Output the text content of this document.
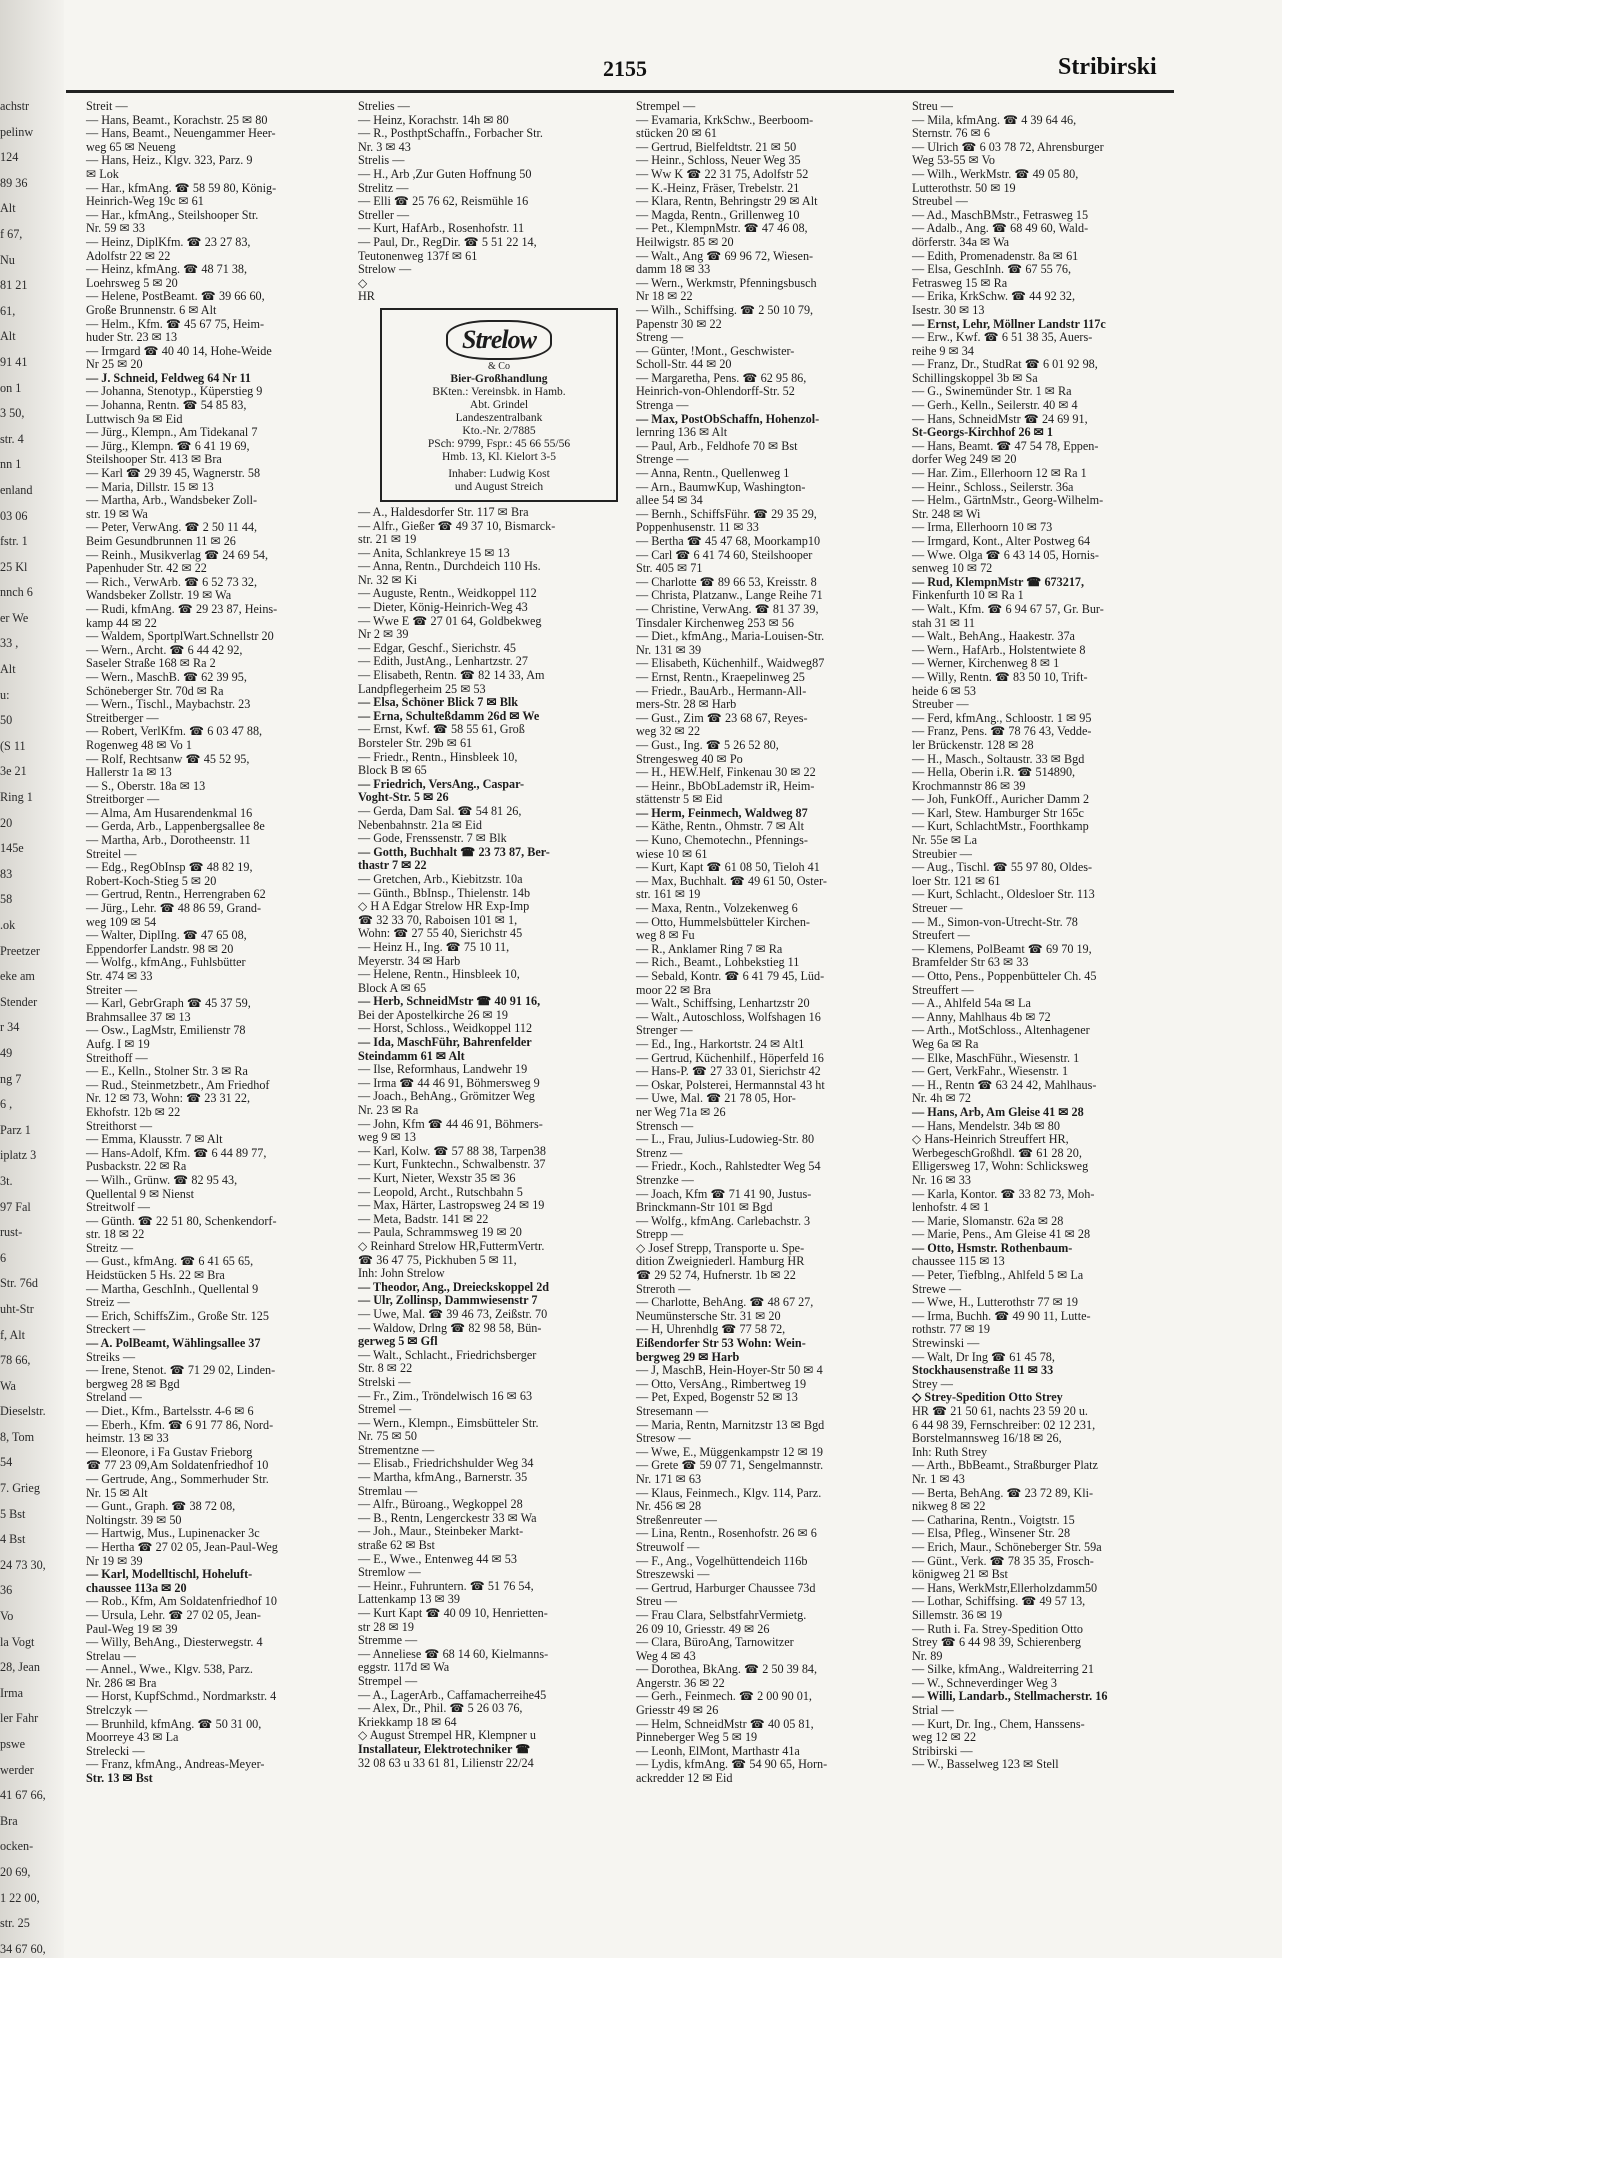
2155	Stribirski
achstr
pelinw
124
89 36
Alt
f 67,
Nu
81 21
61,
Alt
91 41
on 1
3 50,
str. 4
nn 1
enland
03 06
fstr. 1
25 Kl
nnch 6
er We
33 ,
Alt
u:
50
(S 11
3e 21
Ring 1
20
145e
83
58
.ok
Preetzer
eke am
Stender
r 34
49
ng 7
6 ,
Parz 1
iplatz 3
3t.
97 Fal
rust-
6
Str. 76d
uht-Str
f, Alt
78 66,
Wa
Dieselstr.
8, Tom
54
7. Grieg
5 Bst
4 Bst
24 73 30,
36
Vo
la Vogt
28, Jean
Irma
ler Fahr
pswe
werder
41 67 66,
Bra
ocken-
20 69,
1 22 00,
str. 25
34 67 60,
Streit —
— Hans, Beamt., Korachstr. 25 ✉ 80
— Hans, Beamt., Neuengammer Heer-
weg 65 ✉ Neueng
— Hans, Heiz., Klgv. 323, Parz. 9
✉ Lok
— Har., kfmAng. ☎ 58 59 80, König-
Heinrich-Weg 19c ✉ 61
— Har., kfmAng., Steilshooper Str.
Nr. 59 ✉ 33
— Heinz, DiplKfm. ☎ 23 27 83,
Adolfstr 22 ✉ 22
— Heinz, kfmAng. ☎ 48 71 38,
Loehrsweg 5 ✉ 20
— Helene, PostBeamt. ☎ 39 66 60,
Große Brunnenstr. 6 ✉ Alt
— Helm., Kfm. ☎ 45 67 75, Heim-
huder Str. 23 ✉ 13
— Irmgard ☎ 40 40 14, Hohe-Weide
Nr 25 ✉ 20
— J. Schneid, Feldweg 64 Nr 11
— Johanna, Stenotyp., Küperstieg 9
— Johanna, Rentn. ☎ 54 85 83,
Luttwisch 9a ✉ Eid
— Jürg., Klempn., Am Tidekanal 7
— Jürg., Klempn. ☎ 6 41 19 69,
Steilshooper Str. 413 ✉ Bra
— Karl ☎ 29 39 45, Wagnerstr. 58
— Maria, Dillstr. 15 ✉ 13
— Martha, Arb., Wandsbeker Zoll-
str. 19 ✉ Wa
— Peter, VerwAng. ☎ 2 50 11 44,
Beim Gesundbrunnen 11 ✉ 26
— Reinh., Musikverlag ☎ 24 69 54,
Papenhuder Str. 42 ✉ 22
— Rich., VerwArb. ☎ 6 52 73 32,
Wandsbeker Zollstr. 19 ✉ Wa
— Rudi, kfmAng. ☎ 29 23 87, Heins-
kamp 44 ✉ 22
— Waldem, SportplWart.Schnellstr 20
— Wern., Archt. ☎ 6 44 42 92,
Saseler Straße 168 ✉ Ra 2
— Wern., MaschB. ☎ 62 39 95,
Schöneberger Str. 70d ✉ Ra
— Wern., Tischl., Maybachstr. 23
Streitberger —
— Robert, VerlKfm. ☎ 6 03 47 88,
Rogenweg 48 ✉ Vo 1
— Rolf, Rechtsanw ☎ 45 52 95,
Hallerstr 1a ✉ 13
— S., Oberstr. 18a ✉ 13
Streitborger —
— Alma, Am Husarendenkmal 16
— Gerda, Arb., Lappenbergsallee 8e
— Martha, Arb., Dorotheenstr. 11
Streitel —
— Edg., RegObInsp ☎ 48 82 19,
Robert-Koch-Stieg 5 ✉ 20
— Gertrud, Rentn., Herrengraben 62
— Jürg., Lehr. ☎ 48 86 59, Grand-
weg 109 ✉ 54
— Walter, DiplIng. ☎ 47 65 08,
Eppendorfer Landstr. 98 ✉ 20
— Wolfg., kfmAng., Fuhlsbütter
Str. 474 ✉ 33
Streiter —
— Karl, GebrGraph ☎ 45 37 59,
Brahmsallee 37 ✉ 13
— Osw., LagMstr, Emilienstr 78
Aufg. I ✉ 19
Streithoff —
— E., Kelln., Stolner Str. 3 ✉ Ra
— Rud., Steinmetzbetr., Am Friedhof
Nr. 12 ✉ 73, Wohn: ☎ 23 31 22,
Ekhofstr. 12b ✉ 22
Streithorst —
— Emma, Klausstr. 7 ✉ Alt
— Hans-Adolf, Kfm. ☎ 6 44 89 77,
Pusbackstr. 22 ✉ Ra
— Wilh., Grünw. ☎ 82 95 43,
Quellental 9 ✉ Nienst
Streitwolf —
— Günth. ☎ 22 51 80, Schenkendorf-
str. 18 ✉ 22
Streitz —
— Gust., kfmAng. ☎ 6 41 65 65,
Heidstücken 5 Hs. 22 ✉ Bra
— Martha, GeschInh., Quellental 9
Streiz —
— Erich, SchiffsZim., Große Str. 125
Streckert —
— A. PolBeamt, Wählingsallee 37
Streiks —
— Irene, Stenot. ☎ 71 29 02, Linden-
bergweg 28 ✉ Bgd
Streland —
— Diet., Kfm., Bartelsstr. 4-6 ✉ 6
— Eberh., Kfm. ☎ 6 91 77 86, Nord-
heimstr. 13 ✉ 33
— Eleonore, i Fa Gustav Frieborg
☎ 77 23 09,Am Soldatenfriedhof 10
— Gertrude, Ang., Sommerhuder Str.
Nr. 15 ✉ Alt
— Gunt., Graph. ☎ 38 72 08,
Noltingstr. 39 ✉ 50
— Hartwig, Mus., Lupinenacker 3c
— Hertha ☎ 27 02 05, Jean-Paul-Weg
Nr 19 ✉ 39
— Karl, Modelltischl, Hoheluft-
chaussee 113a ✉ 20
— Rob., Kfm, Am Soldatenfriedhof 10
— Ursula, Lehr. ☎ 27 02 05, Jean-
Paul-Weg 19 ✉ 39
— Willy, BehAng., Diesterwegstr. 4
Strelau —
— Annel., Wwe., Klgv. 538, Parz.
Nr. 286 ✉ Bra
— Horst, KupfSchmd., Nordmarkstr. 4
Strelczyk —
— Brunhild, kfmAng. ☎ 50 31 00,
Moorreye 43 ✉ La
Strelecki —
— Franz, kfmAng., Andreas-Meyer-
Str. 13 ✉ Bst
Strelies —
— Heinz, Korachstr. 14h ✉ 80
— R., PosthptSchaffn., Forbacher Str.
Nr. 3 ✉ 43
Strelis —
— H., Arb ,Zur Guten Hoffnung 50
Strelitz —
— Elli ☎ 25 76 62, Reismühle 16
Streller —
— Kurt, HafArb., Rosenhofstr. 11
— Paul, Dr., RegDir. ☎ 5 51 22 14,
Teutonenweg 137f ✉ 61
Strelow —
◇
HR
Strelow
& Co
Bier-Großhandlung
BKten.: Vereinsbk. in Hamb.
Abt. Grindel
Landeszentralbank
Kto.-Nr. 2/7885
PSch: 9799, Fspr.: 45 66 55/56
Hmb. 13, Kl. Kielort 3-5
Inhaber: Ludwig Kost
und August Streich
— A., Haldesdorfer Str. 117 ✉ Bra
— Alfr., Gießer ☎ 49 37 10, Bismarck-
str. 21 ✉ 19
— Anita, Schlankreye 15 ✉ 13
— Anna, Rentn., Durchdeich 110 Hs.
Nr. 32 ✉ Ki
— Auguste, Rentn., Weidkoppel 112
— Dieter, König-Heinrich-Weg 43
— Wwe E ☎ 27 01 64, Goldbekweg
Nr 2 ✉ 39
— Edgar, Geschf., Sierichstr. 45
— Edith, JustAng., Lenhartzstr. 27
— Elisabeth, Rentn. ☎ 82 14 33, Am
Landpflegerheim 25 ✉ 53
— Elsa, Schöner Blick 7 ✉ Blk
— Erna, Schulteßdamm 26d ✉ We
— Ernst, Kwf. ☎ 58 55 61, Groß
Borsteler Str. 29b ✉ 61
— Friedr., Rentn., Hinsbleek 10,
Block B ✉ 65
— Friedrich, VersAng., Caspar-
Voght-Str. 5 ✉ 26
— Gerda, Dam Sal. ☎ 54 81 26,
Nebenbahnstr. 21a ✉ Eid
— Gode, Frenssenstr. 7 ✉ Blk
— Gotth, Buchhalt ☎ 23 73 87, Ber-
thastr 7 ✉ 22
— Gretchen, Arb., Kiebitzstr. 10a
— Günth., BbInsp., Thielenstr. 14b
◇ H A Edgar Strelow HR Exp-Imp
☎ 32 33 70, Raboisen 101 ✉ 1,
Wohn: ☎ 27 55 40, Sierichstr 45
— Heinz H., Ing. ☎ 75 10 11,
Meyerstr. 34 ✉ Harb
— Helene, Rentn., Hinsbleek 10,
Block A ✉ 65
— Herb, SchneidMstr ☎ 40 91 16,
Bei der Apostelkirche 26 ✉ 19
— Horst, Schloss., Weidkoppel 112
— Ida, MaschFühr, Bahrenfelder
Steindamm 61 ✉ Alt
— Ilse, Reformhaus, Landwehr 19
— Irma ☎ 44 46 91, Böhmersweg 9
— Joach., BehAng., Grömitzer Weg
Nr. 23 ✉ Ra
— John, Kfm ☎ 44 46 91, Böhmers-
weg 9 ✉ 13
— Karl, Kolw. ☎ 57 88 38, Tarpen38
— Kurt, Funktechn., Schwalbenstr. 37
— Kurt, Nieter, Wexstr 35 ✉ 36
— Leopold, Archt., Rutschbahn 5
— Max, Härter, Lastropsweg 24 ✉ 19
— Meta, Badstr. 141 ✉ 22
— Paula, Schrammsweg 19 ✉ 20
◇ Reinhard Strelow HR,FuttermVertr.
☎ 36 47 75, Pickhuben 5 ✉ 11,
Inh: John Strelow
— Theodor, Ang., Dreieckskoppel 2d
— Ulr, Zollinsp, Dammwiesenstr 7
— Uwe, Mal. ☎ 39 46 73, Zeißstr. 70
— Waldow, Drlng ☎ 82 98 58, Bün-
gerweg 5 ✉ Gfl
— Walt., Schlacht., Friedrichsberger
Str. 8 ✉ 22
Strelski —
— Fr., Zim., Tröndelwisch 16 ✉ 63
Stremel —
— Wern., Klempn., Eimsbütteler Str.
Nr. 75 ✉ 50
Strementzne —
— Elisab., Friedrichshulder Weg 34
— Martha, kfmAng., Barnerstr. 35
Stremlau —
— Alfr., Büroang., Wegkoppel 28
— B., Rentn, Lengerckestr 33 ✉ Wa
— Joh., Maur., Steinbeker Markt-
straße 62 ✉ Bst
— E., Wwe., Entenweg 44 ✉ 53
Stremlow —
— Heinr., Fuhruntern. ☎ 51 76 54,
Lattenkamp 13 ✉ 39
— Kurt Kapt ☎ 40 09 10, Henrietten-
str 28 ✉ 19
Stremme —
— Anneliese ☎ 68 14 60, Kielmanns-
eggstr. 117d ✉ Wa
Strempel —
— A., LagerArb., Caffamacherreihe45
— Alex, Dr., Phil. ☎ 5 26 03 76,
Kriekkamp 18 ✉ 64
◇ August Strempel HR, Klempner u
Installateur, Elektrotechniker ☎
32 08 63 u 33 61 81, Lilienstr 22/24
Strempel —
— Evamaria, KrkSchw., Beerboom-
stücken 20 ✉ 61
— Gertrud, Bielfeldtstr. 21 ✉ 50
— Heinr., Schloss, Neuer Weg 35
— Ww K ☎ 22 31 75, Adolfstr 52
— K.-Heinz, Fräser, Trebelstr. 21
— Klara, Rentn, Behringstr 29 ✉ Alt
— Magda, Rentn., Grillenweg 10
— Pet., KlempnMstr. ☎ 47 46 08,
Heilwigstr. 85 ✉ 20
— Walt., Ang ☎ 69 96 72, Wiesen-
damm 18 ✉ 33
— Wern., Werkmstr, Pfenningsbusch
Nr 18 ✉ 22
— Wilh., Schiffsing. ☎ 2 50 10 79,
Papenstr 30 ✉ 22
Streng —
— Günter, !Mont., Geschwister-
Scholl-Str. 44 ✉ 20
— Margaretha, Pens. ☎ 62 95 86,
Heinrich-von-Ohlendorff-Str. 52
Strenga —
— Max, PostObSchaffn, Hohenzol-
lernring 136 ✉ Alt
— Paul, Arb., Feldhofe 70 ✉ Bst
Strenge —
— Anna, Rentn., Quellenweg 1
— Arn., BaumwKup, Washington-
allee 54 ✉ 34
— Bernh., SchiffsFühr. ☎ 29 35 29,
Poppenhusenstr. 11 ✉ 33
— Bertha ☎ 45 47 68, Moorkamp10
— Carl ☎ 6 41 74 60, Steilshooper
Str. 405 ✉ 71
— Charlotte ☎ 89 66 53, Kreisstr. 8
— Christa, Platzanw., Lange Reihe 71
— Christine, VerwAng. ☎ 81 37 39,
Tinsdaler Kirchenweg 253 ✉ 56
— Diet., kfmAng., Maria-Louisen-Str.
Nr. 131 ✉ 39
— Elisabeth, Küchenhilf., Waidweg87
— Ernst, Rentn., Kraepelinweg 25
— Friedr., BauArb., Hermann-All-
mers-Str. 28 ✉ Harb
— Gust., Zim ☎ 23 68 67, Reyes-
weg 32 ✉ 22
— Gust., Ing. ☎ 5 26 52 80,
Strengesweg 40 ✉ Po
— H., HEW.Helf, Finkenau 30 ✉ 22
— Heinr., BbObLademstr iR, Heim-
stättenstr 5 ✉ Eid
— Herm, Feinmech, Waldweg 87
— Käthe, Rentn., Ohmstr. 7 ✉ Alt
— Kuno, Chemotechn., Pfennings-
wiese 10 ✉ 61
— Kurt, Kapt ☎ 61 08 50, Tieloh 41
— Max, Buchhalt. ☎ 49 61 50, Oster-
str. 161 ✉ 19
— Maxa, Rentn., Volzekenweg 6
— Otto, Hummelsbütteler Kirchen-
weg 8 ✉ Fu
— R., Anklamer Ring 7 ✉ Ra
— Rich., Beamt., Lohbekstieg 11
— Sebald, Kontr. ☎ 6 41 79 45, Lüd-
moor 22 ✉ Bra
— Walt., Schiffsing, Lenhartzstr 20
— Walt., Autoschloss, Wolfshagen 16
Strenger —
— Ed., Ing., Harkortstr. 24 ✉ Alt1
— Gertrud, Küchenhilf., Höperfeld 16
— Hans-P. ☎ 27 33 01, Sierichstr 42
— Oskar, Polsterei, Hermannstal 43 ht
— Uwe, Mal. ☎ 21 78 05, Hor-
ner Weg 71a ✉ 26
Strensch —
— L., Frau, Julius-Ludowieg-Str. 80
Strenz —
— Friedr., Koch., Rahlstedter Weg 54
Strenzke —
— Joach, Kfm ☎ 71 41 90, Justus-
Brinckmann-Str 101 ✉ Bgd
— Wolfg., kfmAng. Carlebachstr. 3
Strepp —
◇ Josef Strepp, Transporte u. Spe-
dition Zweigniederl. Hamburg HR
☎ 29 52 74, Hufnerstr. 1b ✉ 22
Streroth —
— Charlotte, BehAng. ☎ 48 67 27,
Neumünstersche Str. 31 ✉ 20
— H, Uhrenhdlg ☎ 77 58 72,
Eißendorfer Str 53 Wohn: Wein-
bergweg 29 ✉ Harb
— J, MaschB, Hein-Hoyer-Str 50 ✉ 4
— Otto, VersAng., Rimbertweg 19
— Pet, Exped, Bogenstr 52 ✉ 13
Stresemann —
— Maria, Rentn, Marnitzstr 13 ✉ Bgd
Stresow —
— Wwe, E., Müggenkampstr 12 ✉ 19
— Grete ☎ 59 07 71, Sengelmannstr.
Nr. 171 ✉ 63
— Klaus, Feinmech., Klgv. 114, Parz.
Nr. 456 ✉ 28
Streßenreuter —
— Lina, Rentn., Rosenhofstr. 26 ✉ 6
Streuwolf —
— F., Ang., Vogelhüttendeich 116b
Streszewski —
— Gertrud, Harburger Chaussee 73d
Streu —
— Frau Clara, SelbstfahrVermietg.
26 09 10, Griesstr. 49 ✉ 26
— Clara, BüroAng, Tarnowitzer
Weg 4 ✉ 43
— Dorothea, BkAng. ☎ 2 50 39 84,
Angerstr. 36 ✉ 22
— Gerh., Feinmech. ☎ 2 00 90 01,
Griesstr 49 ✉ 26
— Helm, SchneidMstr ☎ 40 05 81,
Pinneberger Weg 5 ✉ 19
— Leonh, ElMont, Marthastr 41a
— Lydis, kfmAng. ☎ 54 90 65, Horn-
ackredder 12 ✉ Eid
Streu —
— Mila, kfmAng. ☎ 4 39 64 46,
Sternstr. 76 ✉ 6
— Ulrich ☎ 6 03 78 72, Ahrensburger
Weg 53-55 ✉ Vo
— Wilh., WerkMstr. ☎ 49 05 80,
Lutterothstr. 50 ✉ 19
Streubel —
— Ad., MaschBMstr., Fetrasweg 15
— Adalb., Ang. ☎ 68 49 60, Wald-
dörferstr. 34a ✉ Wa
— Edith, Promenadenstr. 8a ✉ 61
— Elsa, GeschInh. ☎ 67 55 76,
Fetrasweg 15 ✉ Ra
— Erika, KrkSchw. ☎ 44 92 32,
Isestr. 30 ✉ 13
— Ernst, Lehr, Möllner Landstr 117c
— Erw., Kwf. ☎ 6 51 38 35, Auers-
reihe 9 ✉ 34
— Franz, Dr., StudRat ☎ 6 01 92 98,
Schillingskoppel 3b ✉ Sa
— G., Swinemünder Str. 1 ✉ Ra
— Gerh., Kelln., Seilerstr. 40 ✉ 4
— Hans, SchneidMstr ☎ 24 69 91,
St-Georgs-Kirchhof 26 ✉ 1
— Hans, Beamt. ☎ 47 54 78, Eppen-
dorfer Weg 249 ✉ 20
— Har. Zim., Ellerhoorn 12 ✉ Ra 1
— Heinr., Schloss., Seilerstr. 36a
— Helm., GärtnMstr., Georg-Wilhelm-
Str. 248 ✉ Wi
— Irma, Ellerhoorn 10 ✉ 73
— Irmgard, Kont., Alter Postweg 64
— Wwe. Olga ☎ 6 43 14 05, Hornis-
senweg 10 ✉ 72
— Rud, KlempnMstr ☎ 673217,
Finkenfurth 10 ✉ Ra 1
— Walt., Kfm. ☎ 6 94 67 57, Gr. Bur-
stah 31 ✉ 11
— Walt., BehAng., Haakestr. 37a
— Wern., HafArb., Holstentwiete 8
— Werner, Kirchenweg 8 ✉ 1
— Willy, Rentn. ☎ 83 50 10, Trift-
heide 6 ✉ 53
Streuber —
— Ferd, kfmAng., Schloostr. 1 ✉ 95
— Franz, Pens. ☎ 78 76 43, Vedde-
ler Brückenstr. 128 ✉ 28
— H., Masch., Soltaustr. 33 ✉ Bgd
— Hella, Oberin i.R. ☎ 514890,
Krochmannstr 86 ✉ 39
— Joh, FunkOff., Auricher Damm 2
— Karl, Stew. Hamburger Str 165c
— Kurt, SchlachtMstr., Foorthkamp
Nr. 55e ✉ La
Streubier —
— Aug., Tischl. ☎ 55 97 80, Oldes-
loer Str. 121 ✉ 61
— Kurt, Schlacht., Oldesloer Str. 113
Streuer —
— M., Simon-von-Utrecht-Str. 78
Streufert —
— Klemens, PolBeamt ☎ 69 70 19,
Bramfelder Str 63 ✉ 33
— Otto, Pens., Poppenbütteler Ch. 45
Streuffert —
— A., Ahlfeld 54a ✉ La
— Anny, Mahlhaus 4b ✉ 72
— Arth., MotSchloss., Altenhagener
Weg 6a ✉ Ra
— Elke, MaschFühr., Wiesenstr. 1
— Gert, VerkFahr., Wiesenstr. 1
— H., Rentn ☎ 63 24 42, Mahlhaus-
Nr. 4h ✉ 72
— Hans, Arb, Am Gleise 41 ✉ 28
— Hans, Mendelstr. 34b ✉ 80
◇ Hans-Heinrich Streuffert HR,
WerbegeschGroßhdl. ☎ 61 28 20,
Elligersweg 17, Wohn: Schlicksweg
Nr. 16 ✉ 33
— Karla, Kontor. ☎ 33 82 73, Moh-
lenhofstr. 4 ✉ 1
— Marie, Slomanstr. 62a ✉ 28
— Marie, Pens., Am Gleise 41 ✉ 28
— Otto, Hsmstr. Rothenbaum-
chaussee 115 ✉ 13
— Peter, Tiefblng., Ahlfeld 5 ✉ La
Strewe —
— Wwe, H., Lutterothstr 77 ✉ 19
— Irma, Buchh. ☎ 49 90 11, Lutte-
rothstr. 77 ✉ 19
Strewinski —
— Walt, Dr Ing ☎ 61 45 78,
Stockhausenstraße 11 ✉ 33
Strey —
◇ Strey-Spedition Otto Strey
HR ☎ 21 50 61, nachts 23 59 20 u.
6 44 98 39, Fernschreiber: 02 12 231,
Borstelmannsweg 16/18 ✉ 26,
Inh: Ruth Strey
— Arth., BbBeamt., Straßburger Platz
Nr. 1 ✉ 43
— Berta, BehAng. ☎ 23 72 89, Kli-
nikweg 8 ✉ 22
— Catharina, Rentn., Voigtstr. 15
— Elsa, Pfleg., Winsener Str. 28
— Erich, Maur., Schöneberger Str. 59a
— Günt., Verk. ☎ 78 35 35, Frosch-
königweg 21 ✉ Bst
— Hans, WerkMstr,Ellerholzdamm50
— Lothar, Schiffsing. ☎ 49 57 13,
Sillemstr. 36 ✉ 19
— Ruth i. Fa. Strey-Spedition Otto
Strey ☎ 6 44 98 39, Schierenberg
Nr. 89
— Silke, kfmAng., Waldreiterring 21
— W., Schneverdinger Weg 3
— Willi, Landarb., Stellmacherstr. 16
Strial —
— Kurt, Dr. Ing., Chem, Hanssens-
weg 12 ✉ 22
Stribirski —
— W., Basselweg 123 ✉ Stell
